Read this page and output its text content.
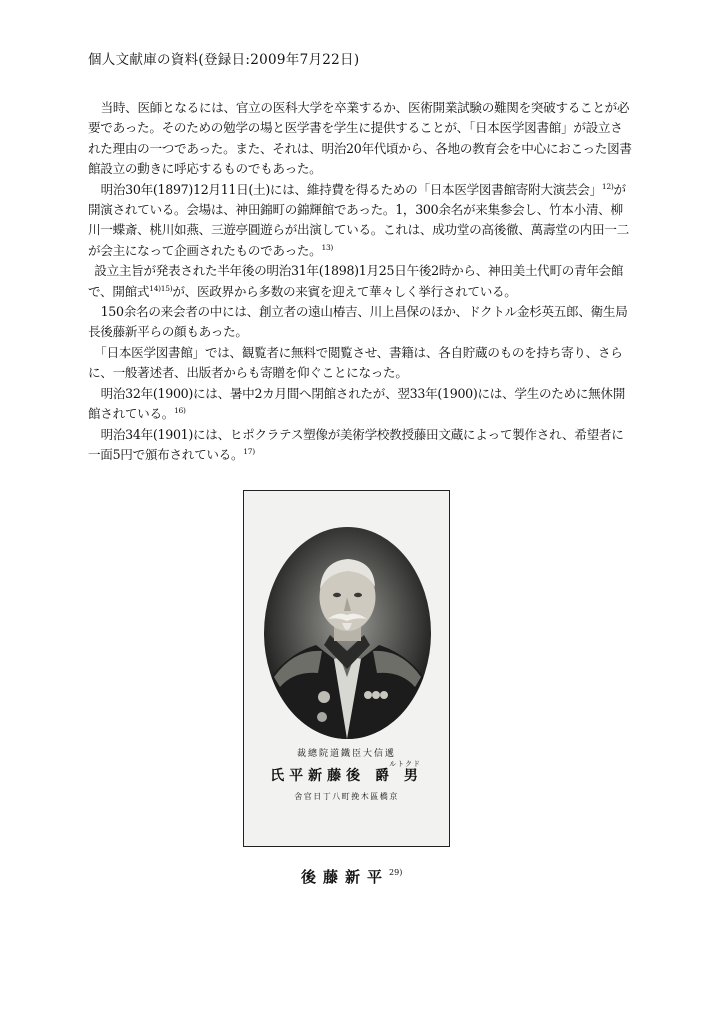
個人文献庫の資料(登録日:2009年7月22日)

当時、医師となるには、官立の医科大学を卒業するか、医術開業試験の難関を突破することが必要であった。そのための勉学の場と医学書を学生に提供することが、「日本医学図書館」が設立された理由の一つであった。また、それは、明治20年代頃から、各地の教育会を中心におこった図書館設立の動きに呼応するものでもあった。

明治30年(1897)12月11日(土)には、維持費を得るための「日本医学図書館寄附大演芸会」$^{12)}$が開演されている。会場は、神田錦町の錦輝館であった。1，300余名が来集参会し、竹本小清、柳川一蝶斎、桃川如燕、三遊亭圓遊らが出演している。これは、成功堂の高後徹、萬壽堂の内田一二が会主になって企画されたものであった。$^{13)}$

設立主旨が発表された半年後の明治31年(1898)1月25日午後2時から、神田美土代町の青年会館で、開館式$^{14)15)}$が、医政界から多数の来賓を迎えて華々しく挙行されている。

150余名の来会者の中には、創立者の遠山椿吉、川上昌保のほか、ドクトル金杉英五郎、衛生局長後藤新平らの顔もあった。

「日本医学図書館」では、観覧者に無料で閲覧させ、書籍は、各自貯蔵のものを持ち寄り、さらに、一般著述者、出版者からも寄贈を仰ぐことになった。

明治32年(1900)には、暑中2カ月間へ閉館されたが、翌33年(1900)には、学生のために無休開館されている。$^{16)}$

明治34年(1901)には、ヒポクラテス塑像が美術学校教授藤田文蔵によって製作され、希望者に一面5円で頒布されている。$^{17)}$

裁總院道鐵臣大信遞
氏平新藤後
ルトクド
爵 男
舍官日丁八町挽木區橋京
後藤新平$^{29)}$
